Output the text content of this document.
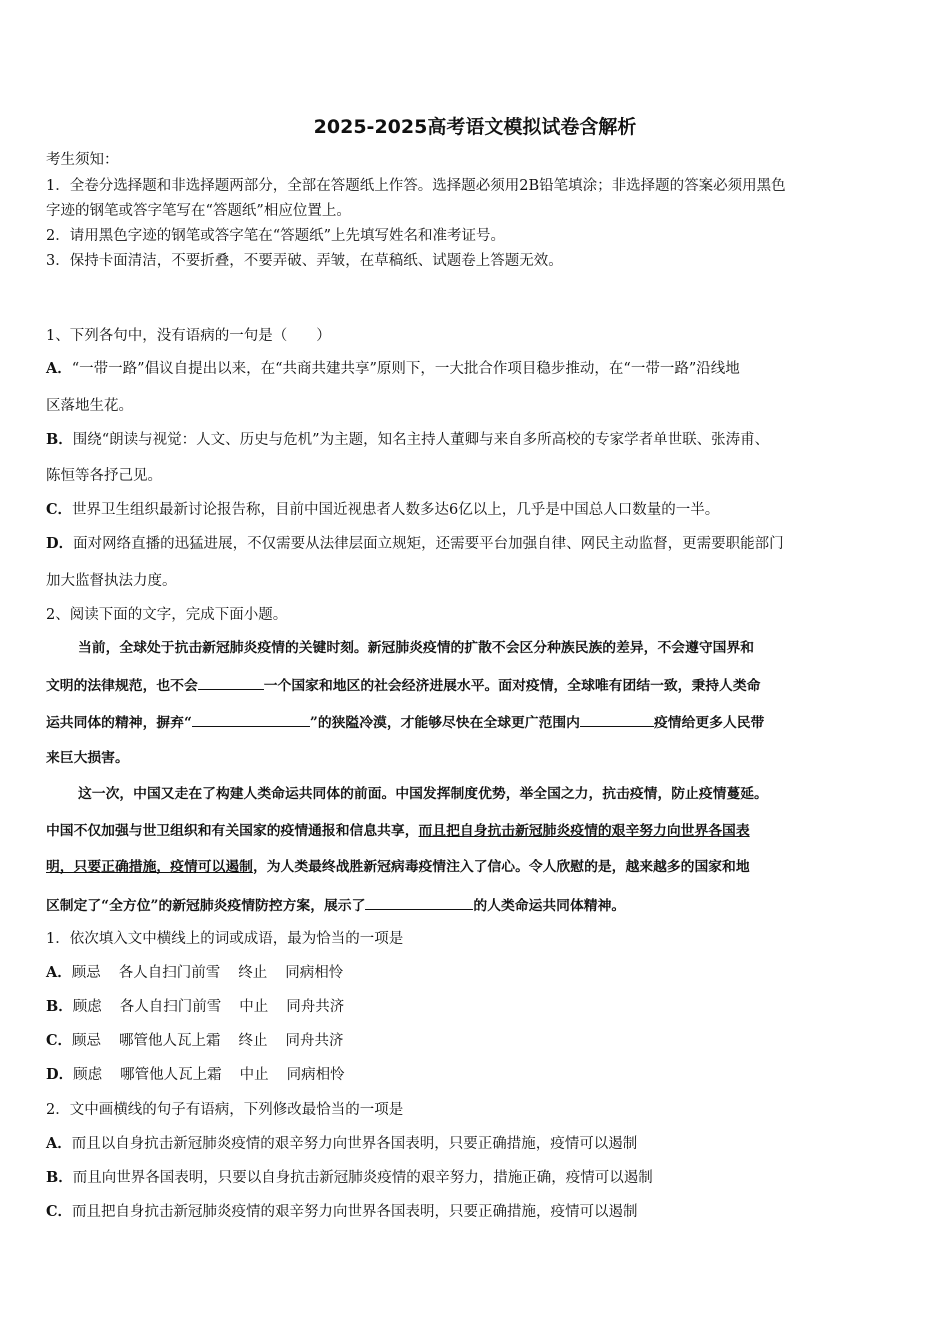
2025-2025高考语文模拟试卷含解析
考生须知：
1．全卷分选择题和非选择题两部分，全部在答题纸上作答。选择题必须用2B铅笔填涂；非选择题的答案必须用黑色
字迹的钢笔或答字笔写在“答题纸”相应位置上。
2．请用黑色字迹的钢笔或答字笔在“答题纸”上先填写姓名和准考证号。
3．保持卡面清洁，不要折叠，不要弄破、弄皱，在草稿纸、试题卷上答题无效。
1、下列各句中，没有语病的一句是（　　）
A．“一带一路”倡议自提出以来，在“共商共建共享”原则下，一大批合作项目稳步推动，在“一带一路”沿线地
区落地生花。
B．围绕“朗读与视觉：人文、历史与危机”为主题，知名主持人董卿与来自多所高校的专家学者单世联、张涛甫、
陈恒等各抒己见。
C．世界卫生组织最新讨论报告称，目前中国近视患者人数多达6亿以上，几乎是中国总人口数量的一半。
D．面对网络直播的迅猛进展，不仅需要从法律层面立规矩，还需要平台加强自律、网民主动监督，更需要职能部门
加大监督执法力度。
2、阅读下面的文字，完成下面小题。
当前，全球处于抗击新冠肺炎疫情的关键时刻。新冠肺炎疫情的扩散不会区分种族民族的差异，不会遵守国界和
文明的法律规范，也不会	一个国家和地区的社会经济进展水平。面对疫情，全球唯有团结一致，秉持人类命
运共同体的精神，摒弃“	”的狭隘冷漠，才能够尽快在全球更广范围内	疫情给更多人民带
来巨大损害。
这一次，中国又走在了构建人类命运共同体的前面。中国发挥制度优势，举全国之力，抗击疫情，防止疫情蔓延。
中国不仅加强与世卫组织和有关国家的疫情通报和信息共享，而且把自身抗击新冠肺炎疫情的艰辛努力向世界各国表
明，只要正确措施，疫情可以遏制，为人类最终战胜新冠病毒疫情注入了信心。令人欣慰的是，越来越多的国家和地
区制定了“全方位”的新冠肺炎疫情防控方案，展示了	的人类命运共同体精神。
1．依次填入文中横线上的词或成语，最为恰当的一项是
A．顾忌 各人自扫门前雪 终止 同病相怜
B．顾虑 各人自扫门前雪 中止 同舟共济
C．顾忌 哪管他人瓦上霜 终止 同舟共济
D．顾虑 哪管他人瓦上霜 中止 同病相怜
2．文中画横线的句子有语病，下列修改最恰当的一项是
A．而且以自身抗击新冠肺炎疫情的艰辛努力向世界各国表明，只要正确措施，疫情可以遏制
B．而且向世界各国表明，只要以自身抗击新冠肺炎疫情的艰辛努力，措施正确，疫情可以遏制
C．而且把自身抗击新冠肺炎疫情的艰辛努力向世界各国表明，只要正确措施，疫情可以遏制
